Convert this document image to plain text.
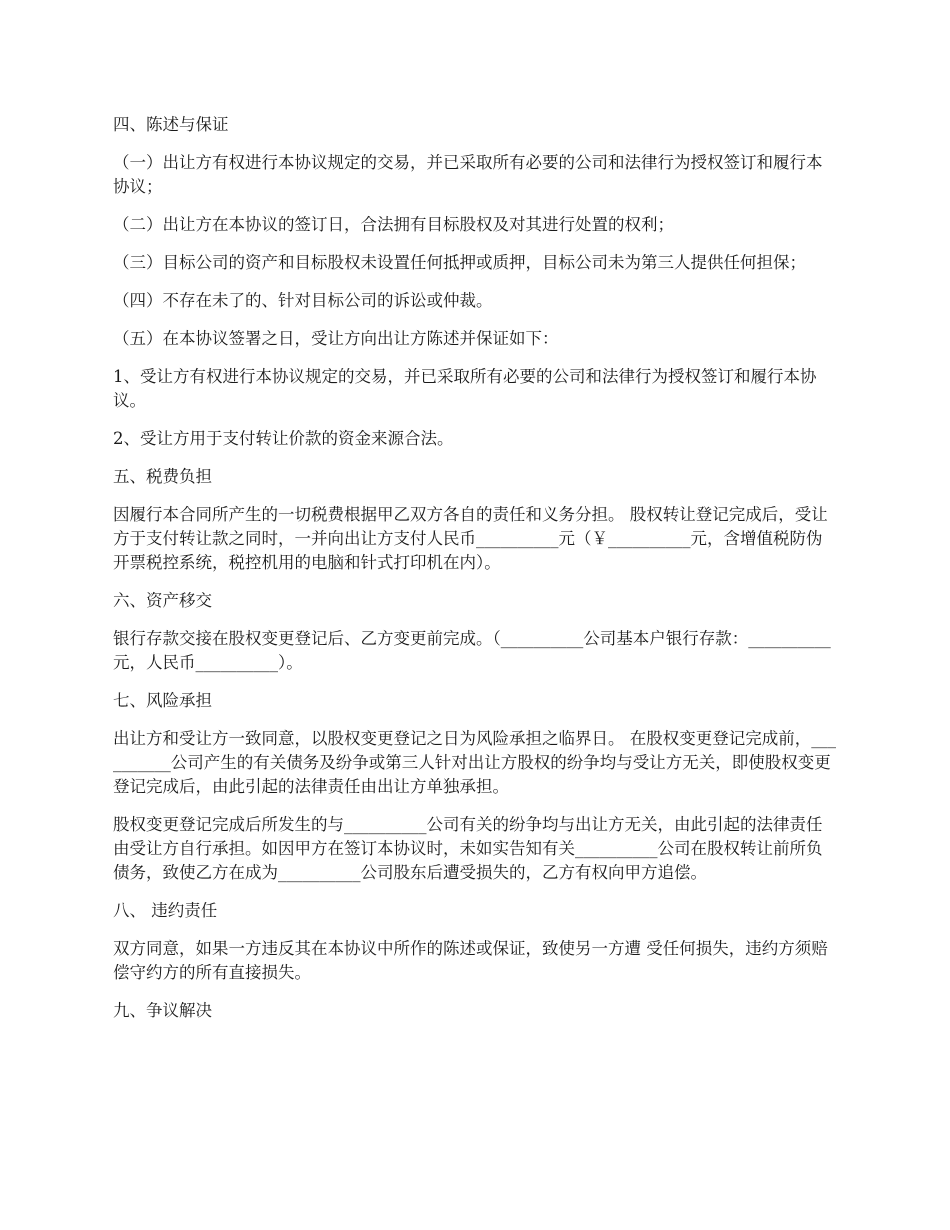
四、陈述与保证

（一）出让方有权进行本协议规定的交易，并已采取所有必要的公司和法律行为授权签订和履行本协议；

（二）出让方在本协议的签订日，合法拥有目标股权及对其进行处置的权利；

（三）目标公司的资产和目标股权未设置任何抵押或质押，目标公司未为第三人提供任何担保；

（四）不存在未了的、针对目标公司的诉讼或仲裁。

（五）在本协议签署之日，受让方向出让方陈述并保证如下：

1、受让方有权进行本协议规定的交易，并已采取所有必要的公司和法律行为授权签订和履行本协议。

2、受让方用于支付转让价款的资金来源合法。

五、税费负担

因履行本合同所产生的一切税费根据甲乙双方各自的责任和义务分担。 股权转让登记完成后，受让方于支付转让款之同时，一并向出让方支付人民币__________元（￥__________元，含增值税防伪开票税控系统，税控机用的电脑和针式打印机在内）。

六、资产移交

银行存款交接在股权变更登记后、乙方变更前完成。（__________公司基本户银行存款：__________元，人民币__________）。

七、风险承担

出让方和受让方一致同意，以股权变更登记之日为风险承担之临界日。 在股权变更登记完成前，__________公司产生的有关债务及纷争或第三人针对出让方股权的纷争均与受让方无关，即使股权变更登记完成后，由此引起的法律责任由出让方单独承担。

股权变更登记完成后所发生的与__________公司有关的纷争均与出让方无关，由此引起的法律责任由受让方自行承担。如因甲方在签订本协议时，未如实告知有关__________公司在股权转让前所负债务，致使乙方在成为__________公司股东后遭受损失的，乙方有权向甲方追偿。

八、 违约责任

双方同意，如果一方违反其在本协议中所作的陈述或保证，致使另一方遭 受任何损失，违约方须赔偿守约方的所有直接损失。

九、争议解决
